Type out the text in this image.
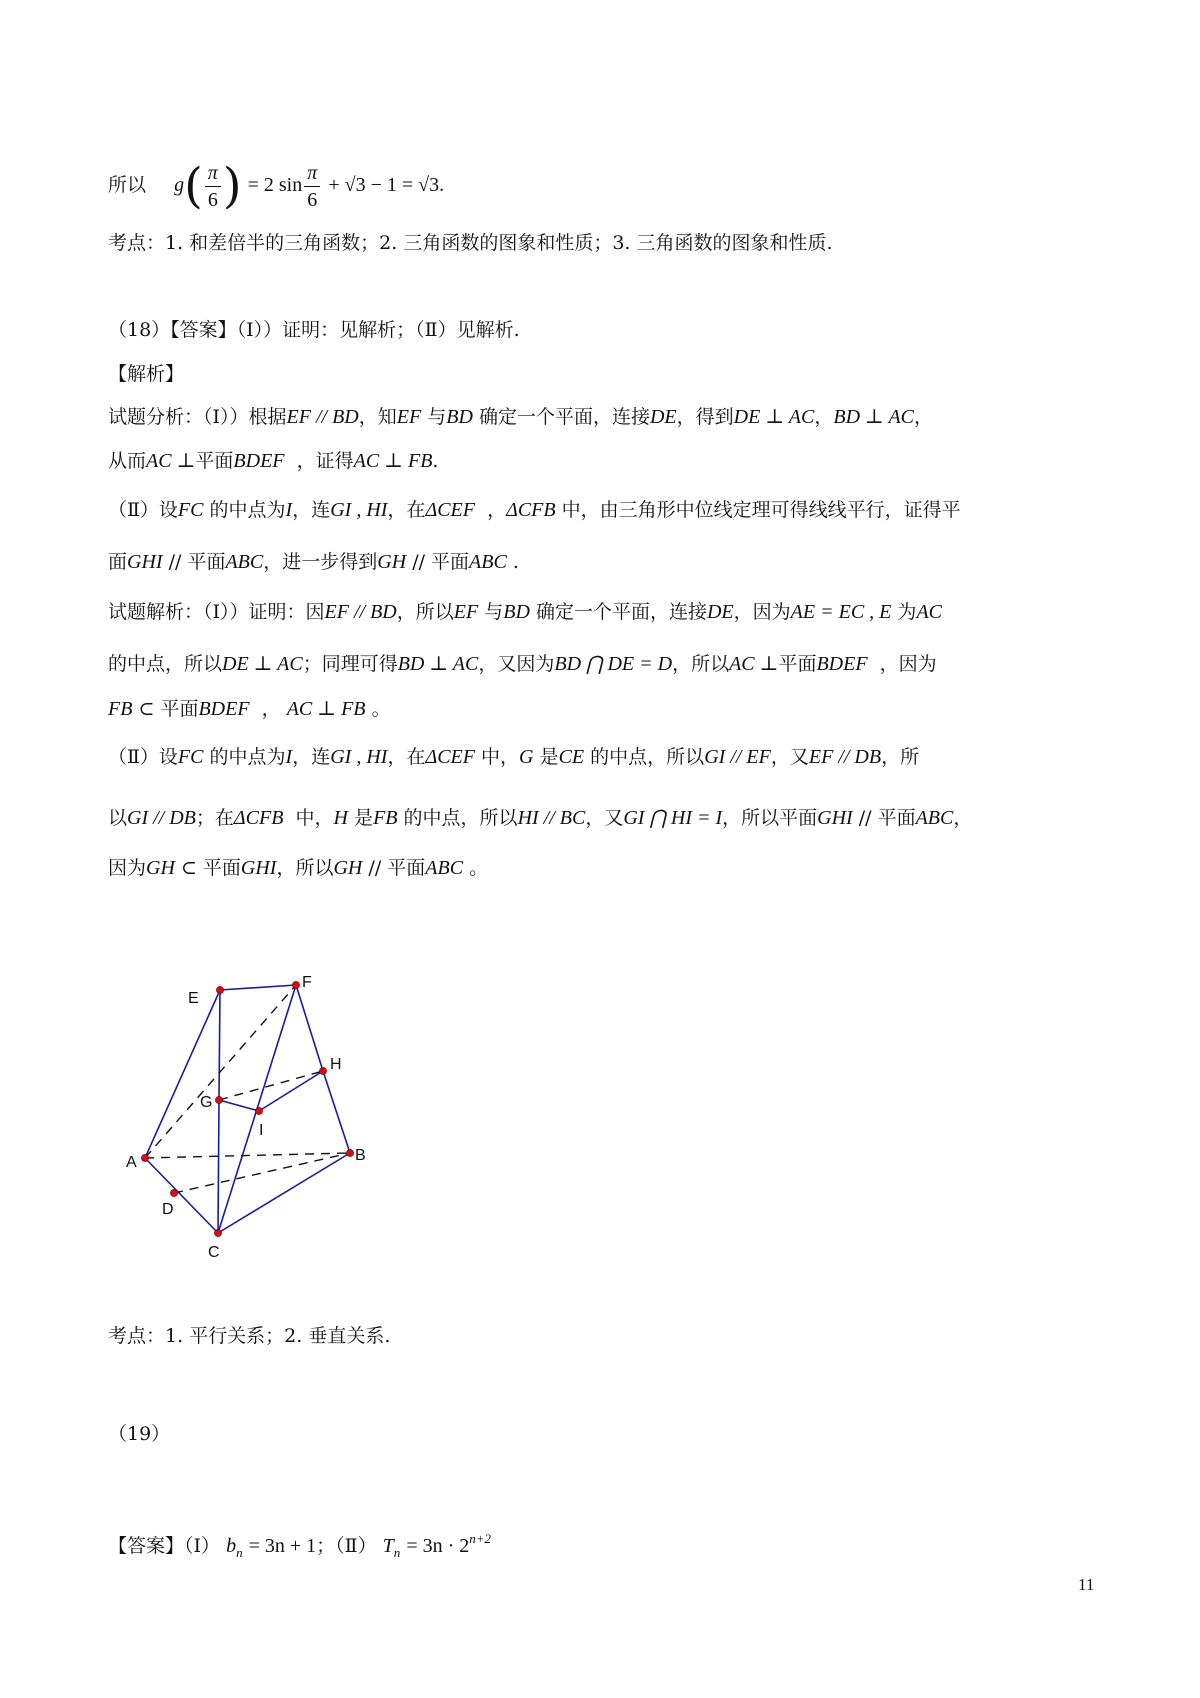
所以 $g( \frac{\pi}{6}$ ) = 2 $\sin \frac{\pi}{6} + √3 - 1 = √3$.
考点：1. 和差倍半的三角函数；2. 三角函数的图象和性质；3. 三角函数的图象和性质.
（18）【答案】（Ⅰ））证明：见解析；（Ⅱ）见解析.
【解析】
试题分析：（Ⅰ））根据EF // BD，知EF 与BD 确定一个平面，连接DE，得到DE ⊥ AC，BD ⊥ AC，
从而AC ⊥平面BDEF ，证得AC ⊥ FB.
（Ⅱ）设FC 的中点为I，连GI , HI，在ΔCEF ，ΔCFB 中，由三角形中位线定理可得线线平行，证得平
面GHI // 平面ABC，进一步得到GH // 平面ABC .
试题解析：（Ⅰ））证明：因EF // BD，所以EF 与BD 确定一个平面，连接DE，因为AE = EC , E 为AC
的中点，所以DE ⊥ AC；同理可得BD ⊥ AC，又因为BD ⋂ DE = D，所以AC ⊥平面BDEF ，因为
FB ⊂ 平面BDEF ， AC ⊥ FB 。
（Ⅱ）设FC 的中点为I，连GI , HI，在ΔCEF 中，G 是CE 的中点，所以GI // EF，又EF // DB，所
以GI // DB；在ΔCFB 中，H 是FB 的中点，所以HI // BC，又GI ⋂ HI = I，所以平面GHI // 平面ABC，
因为GH ⊂ 平面GHI，所以GH // 平面ABC 。
E
F
H
G
I
A	B
D
C
考点：1. 平行关系；2. 垂直关系.
（19）
【答案】（Ⅰ） $b_n = 3n + 1$；（Ⅱ） $T_n = 3n \cdot 2^{n+2}$
11
